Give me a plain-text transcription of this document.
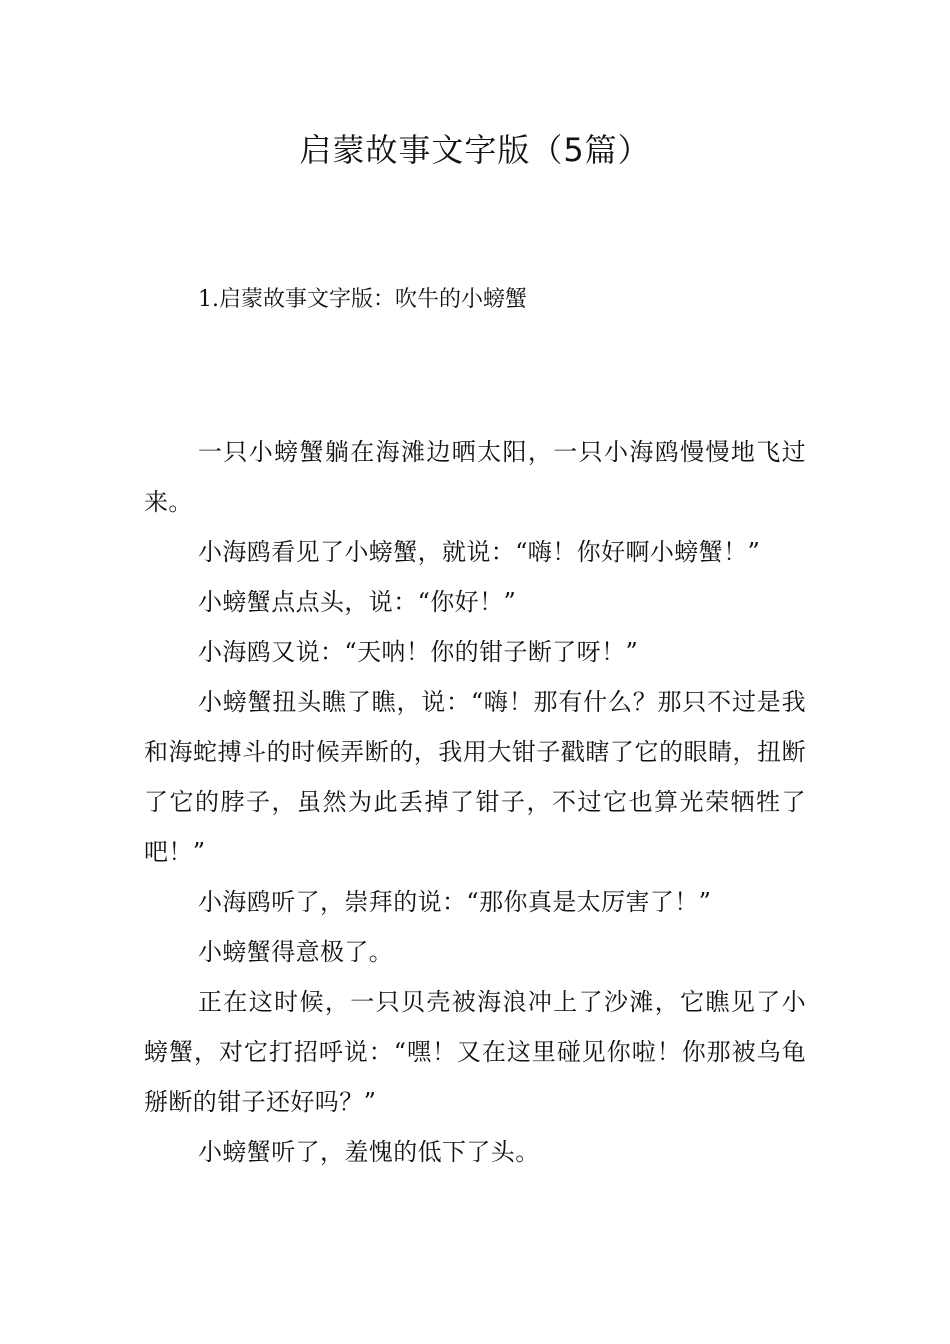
启蒙故事文字版（5篇）
1.启蒙故事文字版：吹牛的小螃蟹

一只小螃蟹躺在海滩边晒太阳，一只小海鸥慢慢地飞过来。

小海鸥看见了小螃蟹，就说：“嗨！你好啊小螃蟹！”

小螃蟹点点头，说：“你好！”

小海鸥又说：“天呐！你的钳子断了呀！”

小螃蟹扭头瞧了瞧，说：“嗨！那有什么？那只不过是我和海蛇搏斗的时候弄断的，我用大钳子戳瞎了它的眼睛，扭断了它的脖子，虽然为此丢掉了钳子，不过它也算光荣牺牲了吧！”

小海鸥听了，崇拜的说：“那你真是太厉害了！”

小螃蟹得意极了。

正在这时候，一只贝壳被海浪冲上了沙滩，它瞧见了小螃蟹，对它打招呼说：“嘿！又在这里碰见你啦！你那被乌龟掰断的钳子还好吗？”

小螃蟹听了，羞愧的低下了头。
